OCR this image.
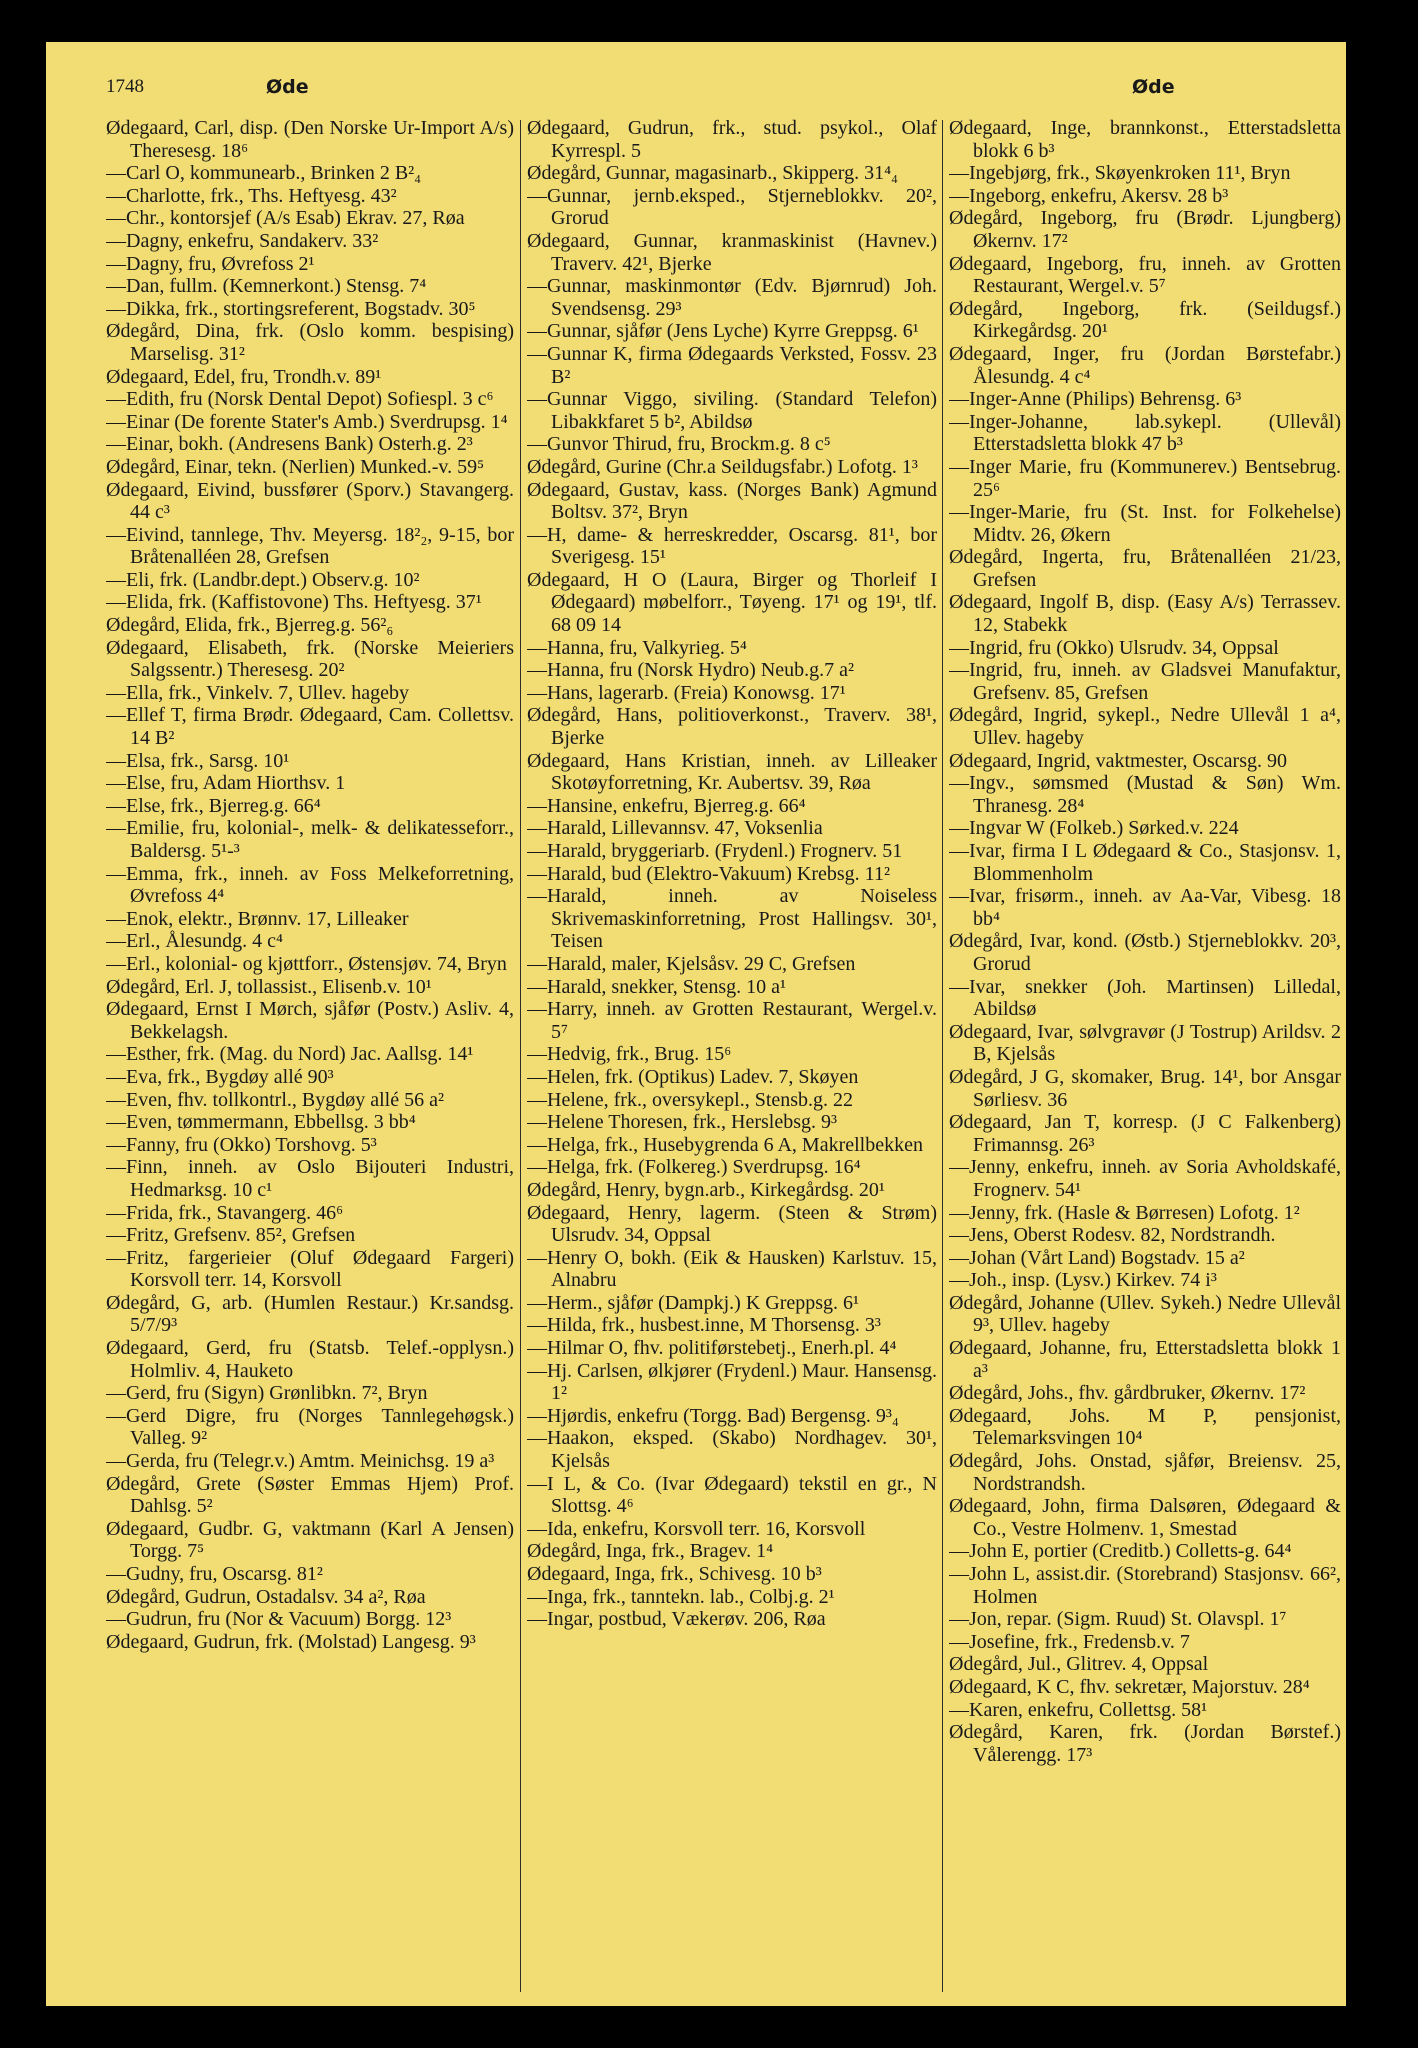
1748	Øde	Øde

Ødegaard, Carl, disp. (Den Norske Ur-Import A/s) Theresesg. 18⁶

—Carl O, kommunearb., Brinken 2 B²₄

—Charlotte, frk., Ths. Heftyesg. 43²

—Chr., kontorsjef (A/s Esab) Ekrav. 27, Røa

—Dagny, enkefru, Sandakerv. 33²

—Dagny, fru, Øvrefoss 2¹

—Dan, fullm. (Kemnerkont.) Stensg. 7⁴

—Dikka, frk., stortingsreferent, Bogstadv. 30⁵

Ødegård, Dina, frk. (Oslo komm. bespising) Marselisg. 31²

Ødegaard, Edel, fru, Trondh.v. 89¹

—Edith, fru (Norsk Dental Depot) Sofiespl. 3 c⁶

—Einar (De forente Stater's Amb.) Sverdrupsg. 1⁴

—Einar, bokh. (Andresens Bank) Osterh.g. 2³

Ødegård, Einar, tekn. (Nerlien) Munked.-v. 59⁵

Ødegaard, Eivind, bussfører (Sporv.) Stavangerg. 44 c³

—Eivind, tannlege, Thv. Meyersg. 18²₂, 9-15, bor Bråtenalléen 28, Grefsen

—Eli, frk. (Landbr.dept.) Observ.g. 10²

—Elida, frk. (Kaffistovone) Ths. Heftyesg. 37¹

Ødegård, Elida, frk., Bjerreg.g. 56²₆

Ødegaard, Elisabeth, frk. (Norske Meieriers Salgssentr.) Theresesg. 20²

—Ella, frk., Vinkelv. 7, Ullev. hageby

—Ellef T, firma Brødr. Ødegaard, Cam. Collettsv. 14 B²

—Elsa, frk., Sarsg. 10¹

—Else, fru, Adam Hiorthsv. 1

—Else, frk., Bjerreg.g. 66⁴

—Emilie, fru, kolonial-, melk- & delikatesseforr., Baldersg. 5¹-³

—Emma, frk., inneh. av Foss Melkeforretning, Øvrefoss 4⁴

—Enok, elektr., Brønnv. 17, Lilleaker

—Erl., Ålesundg. 4 c⁴

—Erl., kolonial- og kjøttforr., Østensjøv. 74, Bryn

Ødegård, Erl. J, tollassist., Elisenb.v. 10¹

Ødegaard, Ernst I Mørch, sjåfør (Postv.) Asliv. 4, Bekkelagsh.

—Esther, frk. (Mag. du Nord) Jac. Aallsg. 14¹

—Eva, frk., Bygdøy allé 90³

—Even, fhv. tollkontrl., Bygdøy allé 56 a²

—Even, tømmermann, Ebbellsg. 3 bb⁴

—Fanny, fru (Okko) Torshovg. 5³

—Finn, inneh. av Oslo Bijouteri Industri, Hedmarksg. 10 c¹

—Frida, frk., Stavangerg. 46⁶

—Fritz, Grefsenv. 85², Grefsen

—Fritz, fargerieier (Oluf Ødegaard Fargeri) Korsvoll terr. 14, Korsvoll

Ødegård, G, arb. (Humlen Restaur.) Kr.sandsg. 5/7/9³

Ødegaard, Gerd, fru (Statsb. Telef.-opplysn.) Holmliv. 4, Hauketo

—Gerd, fru (Sigyn) Grønlibkn. 7², Bryn

—Gerd Digre, fru (Norges Tannlegehøgsk.) Valleg. 9²

—Gerda, fru (Telegr.v.) Amtm. Meinichsg. 19 a³

Ødegård, Grete (Søster Emmas Hjem) Prof. Dahlsg. 5²

Ødegaard, Gudbr. G, vaktmann (Karl A Jensen) Torgg. 7⁵

—Gudny, fru, Oscarsg. 81²

Ødegård, Gudrun, Ostadalsv. 34 a², Røa

—Gudrun, fru (Nor & Vacuum) Borgg. 12³

Ødegaard, Gudrun, frk. (Molstad) Langesg. 9³

Ødegaard, Gudrun, frk., stud. psykol., Olaf Kyrrespl. 5

Ødegård, Gunnar, magasinarb., Skipperg. 31⁴₄

—Gunnar, jernb.eksped., Stjerneblokkv. 20², Grorud

Ødegaard, Gunnar, kranmaskinist (Havnev.) Traverv. 42¹, Bjerke

—Gunnar, maskinmontør (Edv. Bjørnrud) Joh. Svendsensg. 29³

—Gunnar, sjåfør (Jens Lyche) Kyrre Greppsg. 6¹

—Gunnar K, firma Ødegaards Verksted, Fossv. 23 B²

—Gunnar Viggo, siviling. (Standard Telefon) Libakkfaret 5 b², Abildsø

—Gunvor Thirud, fru, Brockm.g. 8 c⁵

Ødegård, Gurine (Chr.a Seildugsfabr.) Lofotg. 1³

Ødegaard, Gustav, kass. (Norges Bank) Agmund Boltsv. 37², Bryn

—H, dame- & herreskredder, Oscarsg. 81¹, bor Sverigesg. 15¹

Ødegaard, H O (Laura, Birger og Thorleif I Ødegaard) møbelforr., Tøyeng. 17¹ og 19¹, tlf. 68 09 14

—Hanna, fru, Valkyrieg. 5⁴

—Hanna, fru (Norsk Hydro) Neub.g.7 a²

—Hans, lagerarb. (Freia) Konowsg. 17¹

Ødegård, Hans, politioverkonst., Traverv. 38¹, Bjerke

Ødegaard, Hans Kristian, inneh. av Lilleaker Skotøyforretning, Kr. Aubertsv. 39, Røa

—Hansine, enkefru, Bjerreg.g. 66⁴

—Harald, Lillevannsv. 47, Voksenlia

—Harald, bryggeriarb. (Frydenl.) Frognerv. 51

—Harald, bud (Elektro-Vakuum) Krebsg. 11²

—Harald, inneh. av Noiseless Skrivemaskinforretning, Prost Hallingsv. 30¹, Teisen

—Harald, maler, Kjelsåsv. 29 C, Grefsen

—Harald, snekker, Stensg. 10 a¹

—Harry, inneh. av Grotten Restaurant, Wergel.v. 5⁷

—Hedvig, frk., Brug. 15⁶

—Helen, frk. (Optikus) Ladev. 7, Skøyen

—Helene, frk., oversykepl., Stensb.g. 22

—Helene Thoresen, frk., Herslebsg. 9³

—Helga, frk., Husebygrenda 6 A, Makrellbekken

—Helga, frk. (Folkereg.) Sverdrupsg. 16⁴

Ødegård, Henry, bygn.arb., Kirkegårdsg. 20¹

Ødegaard, Henry, lagerm. (Steen & Strøm) Ulsrudv. 34, Oppsal

—Henry O, bokh. (Eik & Hausken) Karlstuv. 15, Alnabru

—Herm., sjåfør (Dampkj.) K Greppsg. 6¹

—Hilda, frk., husbest.inne, M Thorsensg. 3³

—Hilmar O, fhv. politiførstebetj., Enerh.pl. 4⁴

—Hj. Carlsen, ølkjører (Frydenl.) Maur. Hansensg. 1²

—Hjørdis, enkefru (Torgg. Bad) Bergensg. 9³₄

—Haakon, eksped. (Skabo) Nordhagev. 30¹, Kjelsås

—I L, & Co. (Ivar Ødegaard) tekstil en gr., N Slottsg. 4⁶

—Ida, enkefru, Korsvoll terr. 16, Korsvoll

Ødegård, Inga, frk., Bragev. 1⁴

Ødegaard, Inga, frk., Schivesg. 10 b³

—Inga, frk., tanntekn. lab., Colbj.g. 2¹

—Ingar, postbud, Vækerøv. 206, Røa

Ødegaard, Inge, brannkonst., Etterstadsletta blokk 6 b³

—Ingebjørg, frk., Skøyenkroken 11¹, Bryn

—Ingeborg, enkefru, Akersv. 28 b³

Ødegård, Ingeborg, fru (Brødr. Ljungberg) Økernv. 17²

Ødegaard, Ingeborg, fru, inneh. av Grotten Restaurant, Wergel.v. 5⁷

Ødegård, Ingeborg, frk. (Seildugsf.) Kirkegårdsg. 20¹

Ødegaard, Inger, fru (Jordan Børstefabr.) Ålesundg. 4 c⁴

—Inger-Anne (Philips) Behrensg. 6³

—Inger-Johanne, lab.sykepl. (Ullevål) Etterstadsletta blokk 47 b³

—Inger Marie, fru (Kommunerev.) Bentsebrug. 25⁶

—Inger-Marie, fru (St. Inst. for Folkehelse) Midtv. 26, Økern

Ødegård, Ingerta, fru, Bråtenalléen 21/23, Grefsen

Ødegaard, Ingolf B, disp. (Easy A/s) Terrassev. 12, Stabekk

—Ingrid, fru (Okko) Ulsrudv. 34, Oppsal

—Ingrid, fru, inneh. av Gladsvei Manufaktur, Grefsenv. 85, Grefsen

Ødegård, Ingrid, sykepl., Nedre Ullevål 1 a⁴, Ullev. hageby

Ødegaard, Ingrid, vaktmester, Oscarsg. 90

—Ingv., sømsmed (Mustad & Søn) Wm. Thranesg. 28⁴

—Ingvar W (Folkeb.) Sørked.v. 224

—Ivar, firma I L Ødegaard & Co., Stasjonsv. 1, Blommenholm

—Ivar, frisørm., inneh. av Aa-Var, Vibesg. 18 bb⁴

Ødegård, Ivar, kond. (Østb.) Stjerneblokkv. 20³, Grorud

—Ivar, snekker (Joh. Martinsen) Lilledal, Abildsø

Ødegaard, Ivar, sølvgravør (J Tostrup) Arildsv. 2 B, Kjelsås

Ødegård, J G, skomaker, Brug. 14¹, bor Ansgar Sørliesv. 36

Ødegaard, Jan T, korresp. (J C Falkenberg) Frimannsg. 26³

—Jenny, enkefru, inneh. av Soria Avholdskafé, Frognerv. 54¹

—Jenny, frk. (Hasle & Børresen) Lofotg. 1²

—Jens, Oberst Rodesv. 82, Nordstrandh.

—Johan (Vårt Land) Bogstadv. 15 a²

—Joh., insp. (Lysv.) Kirkev. 74 i³

Ødegård, Johanne (Ullev. Sykeh.) Nedre Ullevål 9³, Ullev. hageby

Ødegaard, Johanne, fru, Etterstadsletta blokk 1 a³

Ødegård, Johs., fhv. gårdbruker, Økernv. 17²

Ødegaard, Johs. M P, pensjonist, Telemarksvingen 10⁴

Ødegård, Johs. Onstad, sjåfør, Breiensv. 25, Nordstrandsh.

Ødegaard, John, firma Dalsøren, Ødegaard & Co., Vestre Holmenv. 1, Smestad

—John E, portier (Creditb.) Colletts-g. 64⁴

—John L, assist.dir. (Storebrand) Stasjonsv. 66², Holmen

—Jon, repar. (Sigm. Ruud) St. Olavspl. 1⁷

—Josefine, frk., Fredensb.v. 7

Ødegård, Jul., Glitrev. 4, Oppsal

Ødegaard, K C, fhv. sekretær, Majorstuv. 28⁴

—Karen, enkefru, Collettsg. 58¹

Ødegård, Karen, frk. (Jordan Børstef.) Vålerengg. 17³
